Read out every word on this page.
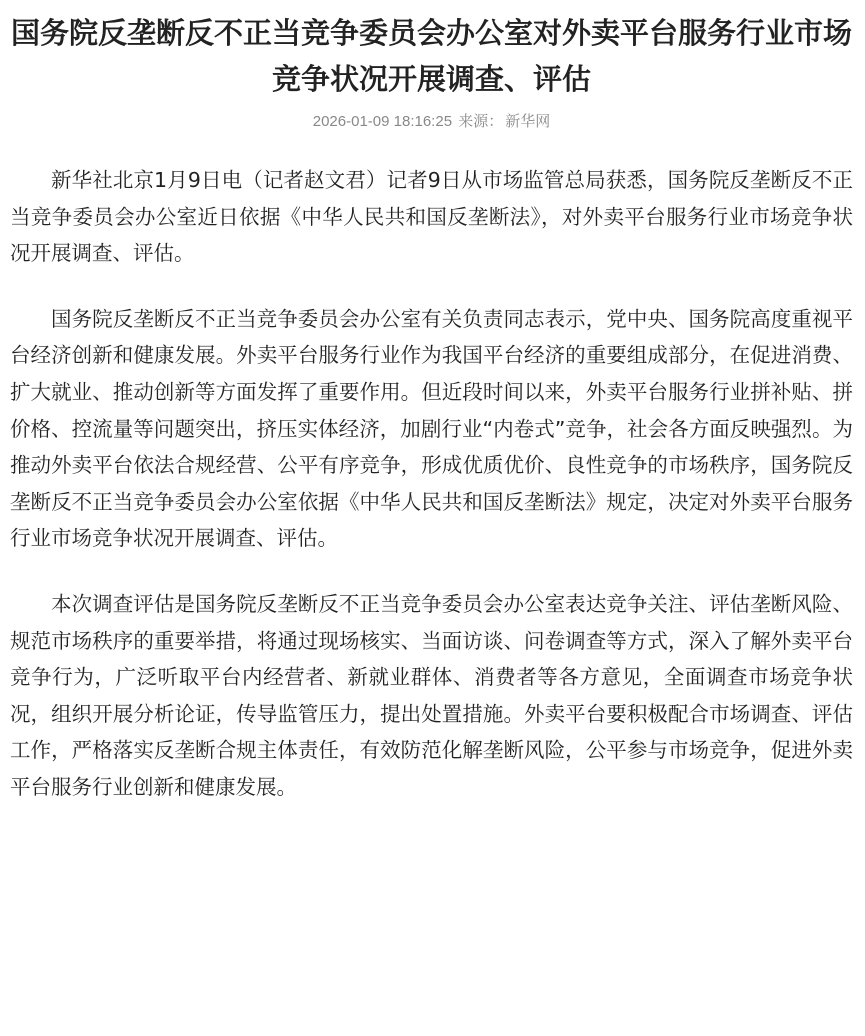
国务院反垄断反不正当竞争委员会办公室对外卖平台服务行业市场竞争状况开展调查、评估
2026-01-09 18:16:25 来源： 新华网

新华社北京1月9日电（记者赵文君）记者9日从市场监管总局获悉，国务院反垄断反不正当竞争委员会办公室近日依据《中华人民共和国反垄断法》，对外卖平台服务行业市场竞争状况开展调查、评估。

国务院反垄断反不正当竞争委员会办公室有关负责同志表示，党中央、国务院高度重视平台经济创新和健康发展。外卖平台服务行业作为我国平台经济的重要组成部分，在促进消费、扩大就业、推动创新等方面发挥了重要作用。但近段时间以来，外卖平台服务行业拼补贴、拼价格、控流量等问题突出，挤压实体经济，加剧行业“内卷式”竞争，社会各方面反映强烈。为推动外卖平台依法合规经营、公平有序竞争，形成优质优价、良性竞争的市场秩序，国务院反垄断反不正当竞争委员会办公室依据《中华人民共和国反垄断法》规定，决定对外卖平台服务行业市场竞争状况开展调查、评估。

本次调查评估是国务院反垄断反不正当竞争委员会办公室表达竞争关注、评估垄断风险、规范市场秩序的重要举措，将通过现场核实、当面访谈、问卷调查等方式，深入了解外卖平台竞争行为，广泛听取平台内经营者、新就业群体、消费者等各方意见，全面调查市场竞争状况，组织开展分析论证，传导监管压力，提出处置措施。外卖平台要积极配合市场调查、评估工作，严格落实反垄断合规主体责任，有效防范化解垄断风险，公平参与市场竞争，促进外卖平台服务行业创新和健康发展。
